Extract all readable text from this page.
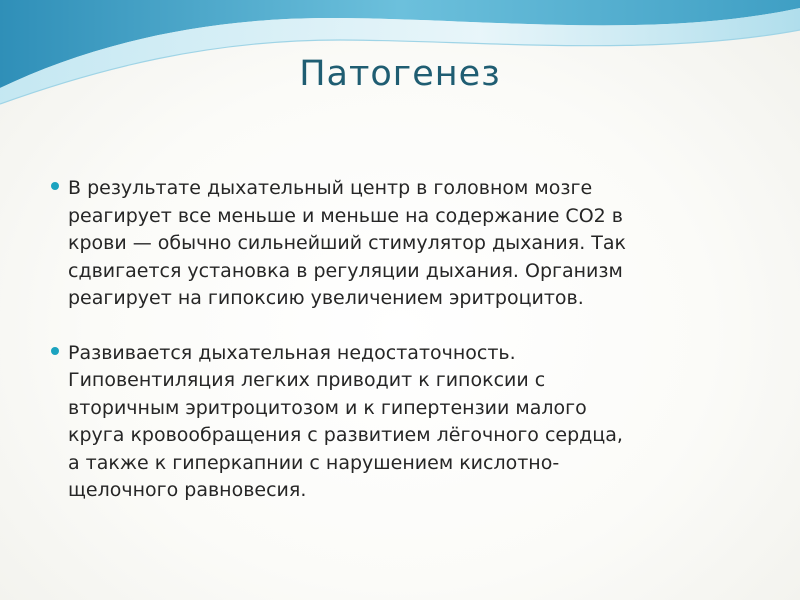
Патогенез
В результате дыхательный центр в головном мозге
реагирует все меньше и меньше на содержание СО2 в
крови — обычно сильнейший стимулятор дыхания. Так
сдвигается установка в регуляции дыхания. Организм
реагирует на гипоксию увеличением эритроцитов.
Развивается дыхательная недостаточность.
Гиповентиляция легких приводит к гипоксии с
вторичным эритроцитозом и к гипертензии малого
круга кровообращения с развитием лёгочного сердца,
а также к гиперкапнии с нарушением кислотно-
щелочного равновесия.
